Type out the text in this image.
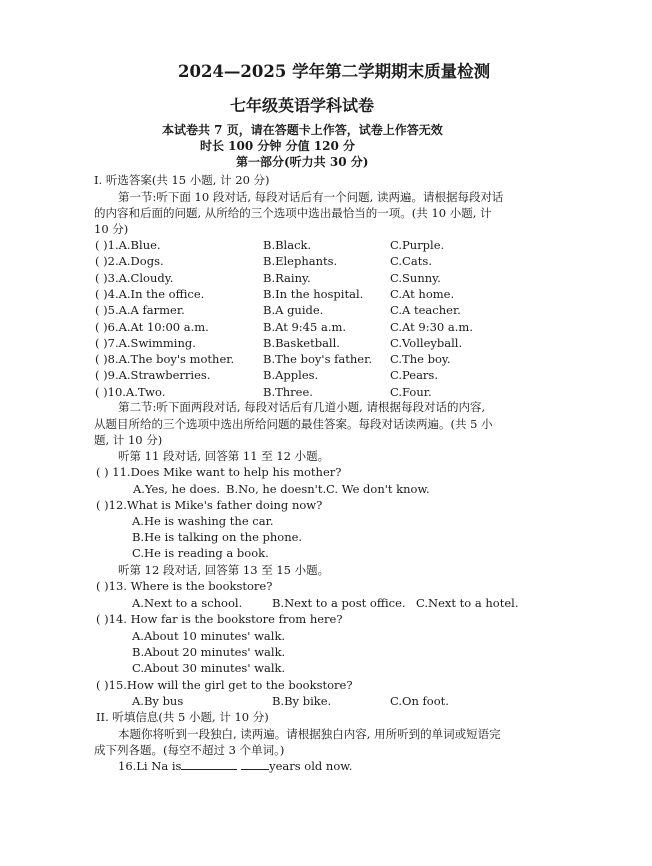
2024—2025 学年第二学期期末质量检测
七年级英语学科试卷
本试卷共 7 页，请在答题卡上作答，试卷上作答无效
时长 100 分钟 分值 120 分
第一部分(听力共 30 分)
I. 听选答案(共 15 小题, 计 20 分)
第一节:听下面 10 段对话, 每段对话后有一个问题, 读两遍。请根据每段对话
的内容和后面的问题, 从所给的三个选项中选出最恰当的一项。(共 10 小题, 计
10 分)
( )1.A.Blue.	B.Black.	C.Purple.
( )2.A.Dogs.	B.Elephants.	C.Cats.
( )3.A.Cloudy.	B.Rainy.	C.Sunny.
( )4.A.In the office.	B.In the hospital. C.At home.
( )5.A.A farmer.	B.A guide.	C.A teacher.
( )6.A.At 10:00 a.m.	B.At 9:45 a.m.	C.At 9:30 a.m.
( )7.A.Swimming.	B.Basketball.	C.Volleyball.
( )8.A.The boy's mother.	B.The boy's father. C.The boy.
( )9.A.Strawberries.	B.Apples.	C.Pears.
( )10.A.Two.	B.Three.	C.Four.
第二节:听下面两段对话, 每段对话后有几道小题, 请根据每段对话的内容,
从题目所给的三个选项中选出所给问题的最佳答案。每段对话读两遍。(共 5 小
题, 计 10 分)
听第 11 段对话, 回答第 11 至 12 小题。
( ) 11.Does Mike want to help his mother?
A.Yes, he does. B.No, he doesn't. C. We don't know.
( )12.What is Mike's father doing now?
A.He is washing the car.
B.He is talking on the phone.
C.He is reading a book.
听第 12 段对话, 回答第 13 至 15 小题。
( )13. Where is the bookstore?
A.Next to a school.	B.Next to a post office. C.Next to a hotel.
( )14. How far is the bookstore from here?
A.About 10 minutes' walk.
B.About 20 minutes' walk.
C.About 30 minutes' walk.
( )15.How will the girl get to the bookstore?
A.By bus	B.By bike.	C.On foot.
II. 听填信息(共 5 小题, 计 10 分)
本题你将听到一段独白, 读两遍。请根据独白内容, 用所听到的单词或短语完
成下列各题。(每空不超过 3 个单词。)
16.Li Na is	years old now.
